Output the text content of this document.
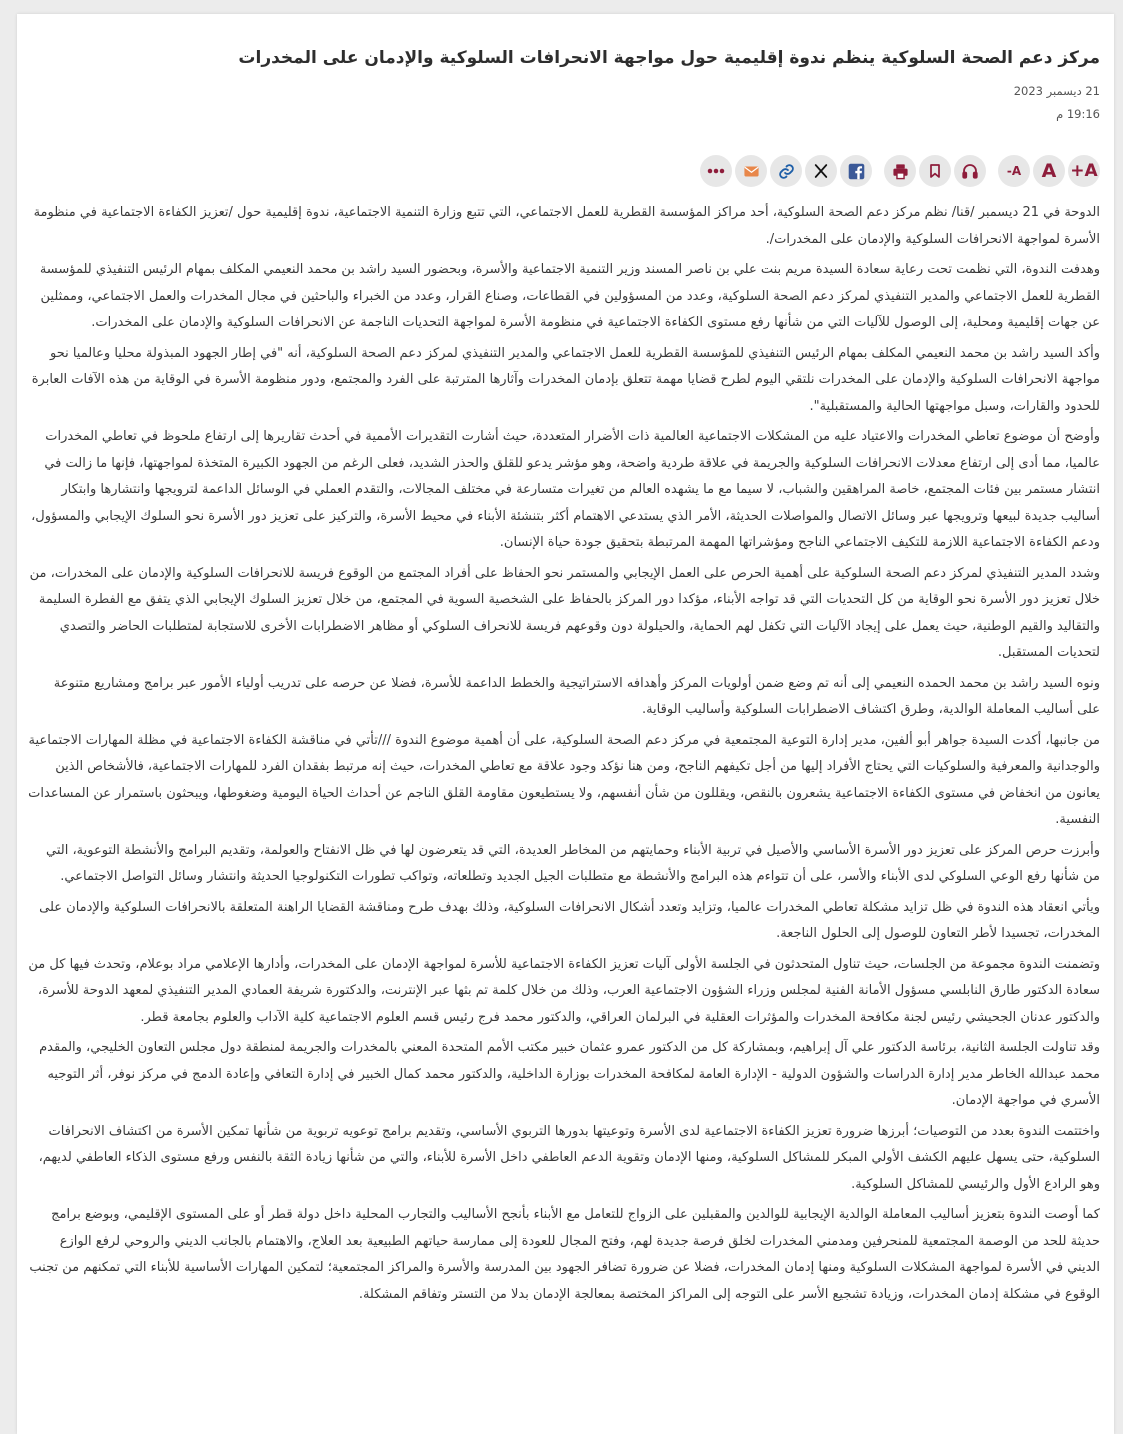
مركز دعم الصحة السلوكية ينظم ندوة إقليمية حول مواجهة الانحرافات السلوكية والإدمان على المخدرات
21 ديسمبر 2023
19:16 م
A+
A
A-

الدوحة في 21 ديسمبر /قنا/ نظم مركز دعم الصحة السلوكية، أحد مراكز المؤسسة القطرية للعمل الاجتماعي، التي تتبع وزارة التنمية الاجتماعية، ندوة إقليمية حول /تعزيز الكفاءة الاجتماعية في منظومة الأسرة لمواجهة الانحرافات السلوكية والإدمان على المخدرات/.

وهدفت الندوة، التي نظمت تحت رعاية سعادة السيدة مريم بنت علي بن ناصر المسند وزير التنمية الاجتماعية والأسرة، وبحضور السيد راشد بن محمد النعيمي المكلف بمهام الرئيس التنفيذي للمؤسسة القطرية للعمل الاجتماعي والمدير التنفيذي لمركز دعم الصحة السلوكية، وعدد من المسؤولين في القطاعات، وصناع القرار، وعدد من الخبراء والباحثين في مجال المخدرات والعمل الاجتماعي، وممثلين عن جهات إقليمية ومحلية، إلى الوصول للآليات التي من شأنها رفع مستوى الكفاءة الاجتماعية في منظومة الأسرة لمواجهة التحديات الناجمة عن الانحرافات السلوكية والإدمان على المخدرات.

وأكد السيد راشد بن محمد النعيمي المكلف بمهام الرئيس التنفيذي للمؤسسة القطرية للعمل الاجتماعي والمدير التنفيذي لمركز دعم الصحة السلوكية، أنه "في إطار الجهود المبذولة محليا وعالميا نحو مواجهة الانحرافات السلوكية والإدمان على المخدرات نلتقي اليوم لطرح قضايا مهمة تتعلق بإدمان المخدرات وآثارها المترتبة على الفرد والمجتمع، ودور منظومة الأسرة في الوقاية من هذه الآفات العابرة للحدود والقارات، وسبل مواجهتها الحالية والمستقبلية".

وأوضح أن موضوع تعاطي المخدرات والاعتياد عليه من المشكلات الاجتماعية العالمية ذات الأضرار المتعددة، حيث أشارت التقديرات الأممية في أحدث تقاريرها إلى ارتفاع ملحوظ في تعاطي المخدرات عالميا، مما أدى إلى ارتفاع معدلات الانحرافات السلوكية والجريمة في علاقة طردية واضحة، وهو مؤشر يدعو للقلق والحذر الشديد، فعلى الرغم من الجهود الكبيرة المتخذة لمواجهتها، فإنها ما زالت في انتشار مستمر بين فئات المجتمع، خاصة المراهقين والشباب، لا سيما مع ما يشهده العالم من تغيرات متسارعة في مختلف المجالات، والتقدم العملي في الوسائل الداعمة لترويجها وانتشارها وابتكار أساليب جديدة لبيعها وترويجها عبر وسائل الاتصال والمواصلات الحديثة، الأمر الذي يستدعي الاهتمام أكثر بتنشئة الأبناء في محيط الأسرة، والتركيز على تعزيز دور الأسرة نحو السلوك الإيجابي والمسؤول، ودعم الكفاءة الاجتماعية اللازمة للتكيف الاجتماعي الناجح ومؤشراتها المهمة المرتبطة بتحقيق جودة حياة الإنسان.

وشدد المدير التنفيذي لمركز دعم الصحة السلوكية على أهمية الحرص على العمل الإيجابي والمستمر نحو الحفاظ على أفراد المجتمع من الوقوع فريسة للانحرافات السلوكية والإدمان على المخدرات، من خلال تعزيز دور الأسرة نحو الوقاية من كل التحديات التي قد تواجه الأبناء، مؤكدا دور المركز بالحفاظ على الشخصية السوية في المجتمع، من خلال تعزيز السلوك الإيجابي الذي يتفق مع الفطرة السليمة والتقاليد والقيم الوطنية، حيث يعمل على إيجاد الآليات التي تكفل لهم الحماية، والحيلولة دون وقوعهم فريسة للانحراف السلوكي أو مظاهر الاضطرابات الأخرى للاستجابة لمتطلبات الحاضر والتصدي لتحديات المستقبل.

ونوه السيد راشد بن محمد الحمده النعيمي إلى أنه تم وضع ضمن أولويات المركز وأهدافه الاستراتيجية والخطط الداعمة للأسرة، فضلا عن حرصه على تدريب أولياء الأمور عبر برامج ومشاريع متنوعة على أساليب المعاملة الوالدية، وطرق اكتشاف الاضطرابات السلوكية وأساليب الوقاية.

من جانبها، أكدت السيدة جواهر أبو ألفين، مدير إدارة التوعية المجتمعية في مركز دعم الصحة السلوكية، على أن أهمية موضوع الندوة ///تأتي في مناقشة الكفاءة الاجتماعية في مظلة المهارات الاجتماعية والوجدانية والمعرفية والسلوكيات التي يحتاج الأفراد إليها من أجل تكيفهم الناجح، ومن هنا نؤكد وجود علاقة مع تعاطي المخدرات، حيث إنه مرتبط بفقدان الفرد للمهارات الاجتماعية، فالأشخاص الذين يعانون من انخفاض في مستوى الكفاءة الاجتماعية يشعرون بالنقص، ويقللون من شأن أنفسهم، ولا يستطيعون مقاومة القلق الناجم عن أحداث الحياة اليومية وضغوطها، ويبحثون باستمرار عن المساعدات النفسية.

وأبرزت حرص المركز على تعزيز دور الأسرة الأساسي والأصيل في تربية الأبناء وحمايتهم من المخاطر العديدة، التي قد يتعرضون لها في ظل الانفتاح والعولمة، وتقديم البرامج والأنشطة التوعوية، التي من شأنها رفع الوعي السلوكي لدى الأبناء والأسر، على أن تتواءم هذه البرامج والأنشطة مع متطلبات الجيل الجديد وتطلعاته، وتواكب تطورات التكنولوجيا الحديثة وانتشار وسائل التواصل الاجتماعي.

ويأتي انعقاد هذه الندوة في ظل تزايد مشكلة تعاطي المخدرات عالميا، وتزايد وتعدد أشكال الانحرافات السلوكية، وذلك بهدف طرح ومناقشة القضايا الراهنة المتعلقة بالانحرافات السلوكية والإدمان على المخدرات، تجسيدا لأطر التعاون للوصول إلى الحلول الناجعة.

وتضمنت الندوة مجموعة من الجلسات، حيث تناول المتحدثون في الجلسة الأولى آليات تعزيز الكفاءة الاجتماعية للأسرة لمواجهة الإدمان على المخدرات، وأدارها الإعلامي مراد بوعلام، وتحدث فيها كل من سعادة الدكتور طارق النابلسي مسؤول الأمانة الفنية لمجلس وزراء الشؤون الاجتماعية العرب، وذلك من خلال كلمة تم بثها عبر الإنترنت، والدكتورة شريفة العمادي المدير التنفيذي لمعهد الدوحة للأسرة، والدكتور عدنان الجحيشي رئيس لجنة مكافحة المخدرات والمؤثرات العقلية في البرلمان العراقي، والدكتور محمد فرج رئيس قسم العلوم الاجتماعية كلية الآداب والعلوم بجامعة قطر.

وقد تناولت الجلسة الثانية، برئاسة الدكتور علي آل إبراهيم، وبمشاركة كل من الدكتور عمرو عثمان خبير مكتب الأمم المتحدة المعني بالمخدرات والجريمة لمنطقة دول مجلس التعاون الخليجي، والمقدم محمد عبدالله الخاطر مدير إدارة الدراسات والشؤون الدولية - الإدارة العامة لمكافحة المخدرات بوزارة الداخلية، والدكتور محمد كمال الخبير في إدارة التعافي وإعادة الدمج في مركز نوفر، أثر التوجيه الأسري في مواجهة الإدمان.

واختتمت الندوة بعدد من التوصيات؛ أبرزها ضرورة تعزيز الكفاءة الاجتماعية لدى الأسرة وتوعيتها بدورها التربوي الأساسي، وتقديم برامج توعويه تربوية من شأنها تمكين الأسرة من اكتشاف الانحرافات السلوكية، حتى يسهل عليهم الكشف الأولي المبكر للمشاكل السلوكية، ومنها الإدمان وتقوية الدعم العاطفي داخل الأسرة للأبناء، والتي من شأنها زيادة الثقة بالنفس ورفع مستوى الذكاء العاطفي لديهم، وهو الرادع الأول والرئيسي للمشاكل السلوكية.

كما أوصت الندوة بتعزيز أساليب المعاملة الوالدية الإيجابية للوالدين والمقبلين على الزواج للتعامل مع الأبناء بأنجح الأساليب والتجارب المحلية داخل دولة قطر أو على المستوى الإقليمي، وبوضع برامج حديثة للحد من الوصمة المجتمعية للمنحرفين ومدمني المخدرات لخلق فرصة جديدة لهم، وفتح المجال للعودة إلى ممارسة حياتهم الطبيعية بعد العلاج، والاهتمام بالجانب الديني والروحي لرفع الوازع الديني في الأسرة لمواجهة المشكلات السلوكية ومنها إدمان المخدرات، فضلا عن ضرورة تضافر الجهود بين المدرسة والأسرة والمراكز المجتمعية؛ لتمكين المهارات الأساسية للأبناء التي تمكنهم من تجنب الوقوع في مشكلة إدمان المخدرات، وزيادة تشجيع الأسر على التوجه إلى المراكز المختصة بمعالجة الإدمان بدلا من التستر وتفاقم المشكلة.
